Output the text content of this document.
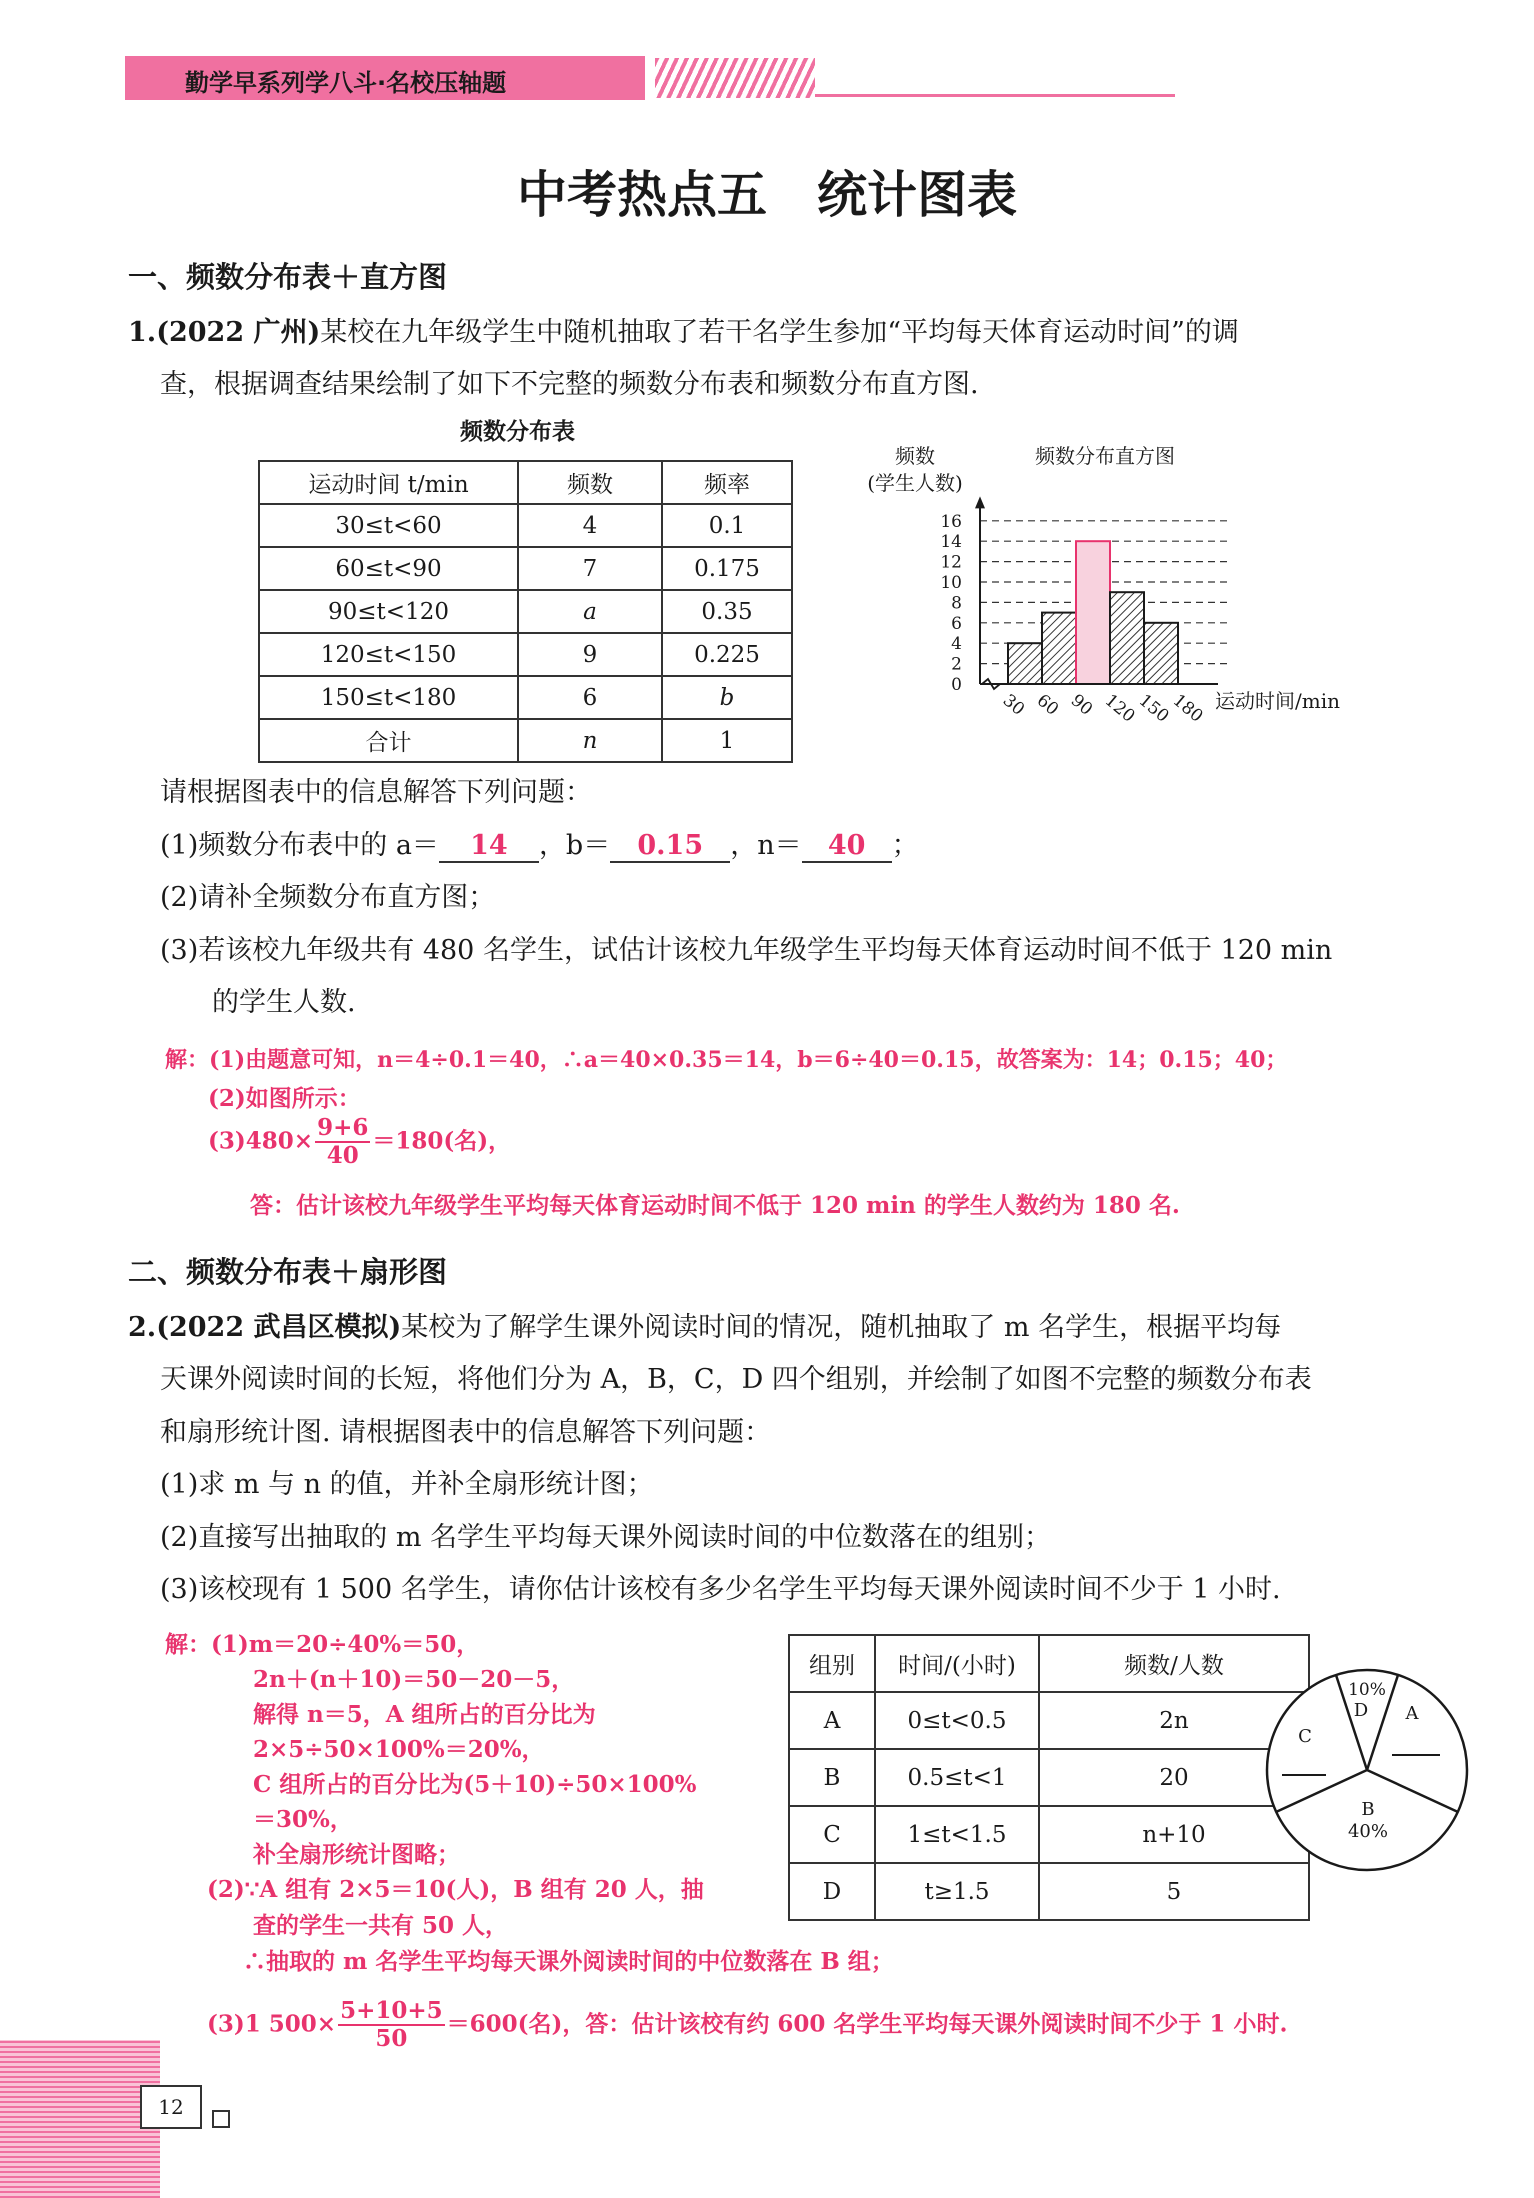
勤学早系列学八斗·名校压轴题
中考热点五　统计图表
一、频数分布表＋直方图
1.(2022 广州)某校在九年级学生中随机抽取了若干名学生参加“平均每天体育运动时间”的调
查，根据调查结果绘制了如下不完整的频数分布表和频数分布直方图.
频数分布表
运动时间 t/min	频数	频率
30≤t<60	4	0.1
60≤t<90	7	0.175
90≤t<120	a	0.35
120≤t<150	9	0.225
150≤t<180	6	b
合计	n	1
频数
(学生人数)
频数分布直方图
0
2
4
6
8
10
12
14
16
30 60 90 120
150
180 运动时间/min
请根据图表中的信息解答下列问题：
(1)频数分布表中的 a＝ 14 ，b＝ 0.15 ，n＝ 40 ；
(2)请补全频数分布直方图；
(3)若该校九年级共有 480 名学生，试估计该校九年级学生平均每天体育运动时间不低于 120 min
的学生人数.
解：(1)由题意可知，n＝4÷0.1＝40，∴a＝40×0.35＝14，b＝6÷40＝0.15，故答案为：14；0.15；40；
(2)如图所示：
$(3)480\times \frac{9+6}{40} =180$(名)，
答：估计该校九年级学生平均每天体育运动时间不低于 120 min 的学生人数约为 180 名.
二、频数分布表＋扇形图
2.(2022 武昌区模拟)某校为了解学生课外阅读时间的情况，随机抽取了 m 名学生，根据平均每
天课外阅读时间的长短，将他们分为 A，B，C，D 四个组别，并绘制了如图不完整的频数分布表
和扇形统计图. 请根据图表中的信息解答下列问题：
(1)求 m 与 n 的值，并补全扇形统计图；
(2)直接写出抽取的 m 名学生平均每天课外阅读时间的中位数落在的组别；
(3)该校现有 1 500 名学生，请你估计该校有多少名学生平均每天课外阅读时间不少于 1 小时.
解：(1)m＝20÷40%＝50，
2n＋(n＋10)＝50－20－5，
解得 n＝5，A 组所占的百分比为
2×5÷50×100%＝20%，
C 组所占的百分比为(5＋10)÷50×100%
＝30%，
补全扇形统计图略；
(2)∵A 组有 2×5＝10(人)，B 组有 20 人，抽
查的学生一共有 50 人，
∴抽取的 m 名学生平均每天课外阅读时间的中位数落在 B 组；
(3)1 $500\times \frac{5+10+5}{50} =600$(名)，答：估计该校有约 600 名学生平均每天课外阅读时间不少于 1 小时.
组别	时间/(小时)	频数/人数
A	0≤t<0.5	2n
B	0.5≤t<1	20
C	1≤t<1.5	n+10
D	t≥1.5	5
10%
D A
C
B
40%
12
